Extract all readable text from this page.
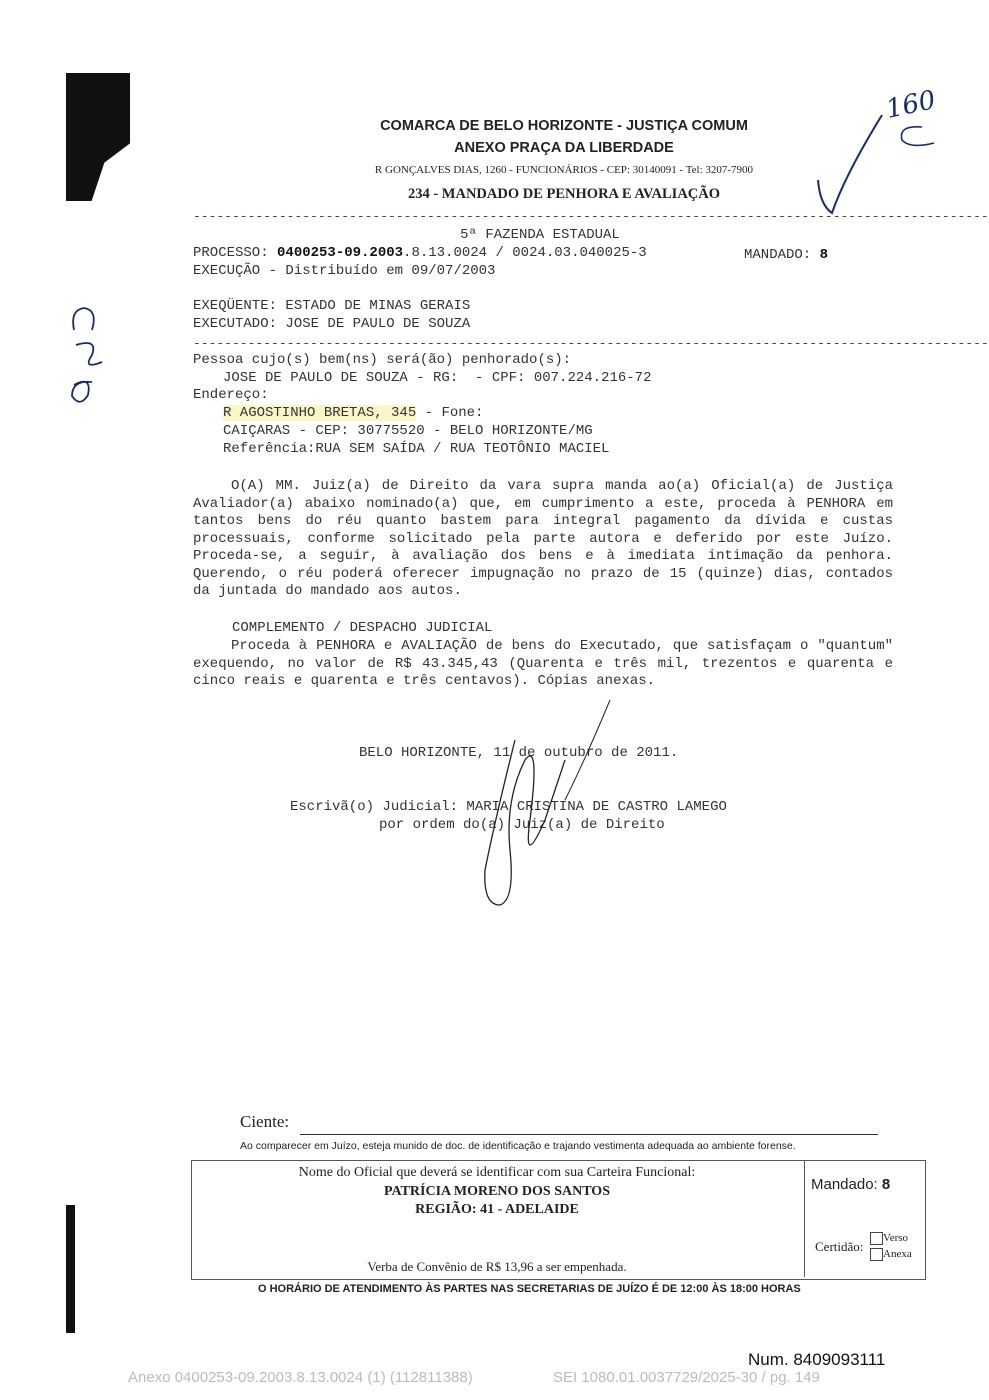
COMARCA DE BELO HORIZONTE - JUSTIÇA COMUM
ANEXO PRAÇA DA LIBERDADE
R GONÇALVES DIAS, 1260 - FUNCIONÁRIOS - CEP: 30140091 - Tel: 3207-7900
234 - MANDADO DE PENHORA E AVALIAÇÃO
160
------------------------------------------------------------------------------------------------------
5ª FAZENDA ESTADUAL
PROCESSO: 0400253-09.2003.8.13.0024 / 0024.03.040025-3	MANDADO: 8
EXECUÇÃO - Distribuído em 09/07/2003
EXEQÜENTE: ESTADO DE MINAS GERAIS
EXECUTADO: JOSE DE PAULO DE SOUZA
------------------------------------------------------------------------------------------------------
Pessoa cujo(s) bem(ns) será(ão) penhorado(s):
JOSE DE PAULO DE SOUZA - RG:  - CPF: 007.224.216-72
Endereço:
R AGOSTINHO BRETAS, 345 - Fone:
CAIÇARAS - CEP: 30775520 - BELO HORIZONTE/MG
Referência:RUA SEM SAÍDA / RUA TEOTÔNIO MACIEL
O(A) MM. Juiz(a) de Direito da vara supra manda ao(a) Oficial(a) de Justiça Avaliador(a) abaixo nominado(a) que, em cumprimento a este, proceda à PENHORA em tantos bens do réu quanto bastem para integral pagamento da dívida e custas processuais, conforme solicitado pela parte autora e deferido por este Juízo. Proceda-se, a seguir, à avaliação dos bens e à imediata intimação da penhora. Querendo, o réu poderá oferecer impugnação no prazo de 15 (quinze) dias, contados da juntada do mandado aos autos.
COMPLEMENTO / DESPACHO JUDICIAL
Proceda à PENHORA e AVALIAÇÃO de bens do Executado, que satisfaçam o "quantum" exequendo, no valor de R$ 43.345,43 (Quarenta e três mil, trezentos e quarenta e cinco reais e quarenta e três centavos). Cópias anexas.
BELO HORIZONTE, 11 de outubro de 2011.
Escrivã(o) Judicial: MARIA CRISTINA DE CASTRO LAMEGO
por ordem do(a) Juiz(a) de Direito
Ciente:
Ao comparecer em Juízo, esteja munido de doc. de identificação e trajando vestimenta adequada ao ambiente forense.
Nome do Oficial que deverá se identificar com sua Carteira Funcional:
PATRÍCIA MORENO DOS SANTOS
REGIÃO: 41 - ADELAIDE
Verba de Convênio de R$ 13,96 a ser empenhada.
Mandado: 8
Certidão:
Verso
Anexa
O HORÁRIO DE ATENDIMENTO ÀS PARTES NAS SECRETARIAS DE JUÍZO É DE 12:00 ÀS 18:00 HORAS
Num. 8409093111
Anexo 0400253-09.2003.8.13.0024 (1) (112811388)	SEI 1080.01.0037729/2025-30 / pg. 149
